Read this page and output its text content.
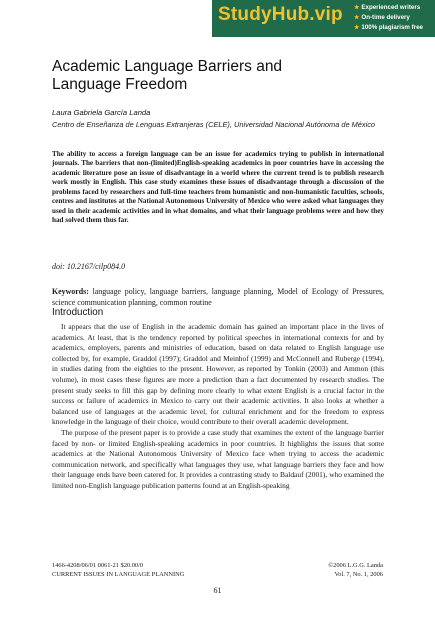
StudyHub.vip ★ Experienced writers
★ On-time delivery
★ 100% plagiarism free
Academic Language Barriers and Language Freedom

Laura Gabriela García Landa

Centro de Enseñanza de Lenguas Extranjeras (CELE), Universidad Nacional Autónoma de México

The ability to access a foreign language can be an issue for academics trying to publish in international journals. The barriers that non-(limited)English-speaking academics in poor countries have in accessing the academic literature pose an issue of disadvantage in a world where the current trend is to publish research work mostly in English. This case study examines these issues of disadvantage through a discussion of the problems faced by researchers and full-time teachers from humanistic and non-humanistic faculties, schools, centres and institutes at the National Autonomous University of Mexico who were asked what languages they used in their academic activities and in what domains, and what their language problems were and how they had solved them thus far.

doi: 10.2167/cilp084.0

Keywords: language policy, language barriers, language planning, Model of Ecology of Pressures, science communication planning, common routine

Introduction

It appears that the use of English in the academic domain has gained an important place in the lives of academics. At least, that is the tendency reported by political speeches in international contexts for and by academics, employers, parents and ministries of education, based on data related to English language use collected by, for example, Graddol (1997); Graddol and Meinhof (1999) and McConnell and Ruberge (1994), in studies dating from the eighties to the present. However, as reported by Tonkin (2003) and Ammon (this volume), in most cases these figures are more a prediction than a fact documented by research studies. The present study seeks to fill this gap by defining more clearly to what extent English is a crucial factor in the success or failure of academics in Mexico to carry out their academic activities. It also looks at whether a balanced use of languages at the academic level, for cultural enrichment and for the freedom to express knowledge in the language of their choice, would contribute to their overall academic development.

The purpose of the present paper is to provide a case study that examines the extent of the language barrier faced by non- or limited English-speaking academics in poor countries. It highlights the issues that some academics at the National Autonomous University of Mexico face when trying to access the academic communication network, and specifically what languages they use, what language barriers they face and how their language ends have been catered for. It provides a contrasting study to Baldauf (2001), who examined the limited non-English language publication patterns found at an English-speaking

1466-4208/06/01 0061-21 $20.00/0
CURRENT ISSUES IN LANGUAGE PLANNING
©2006 L.G.G. Landa
Vol. 7, No. 1, 2006

61
